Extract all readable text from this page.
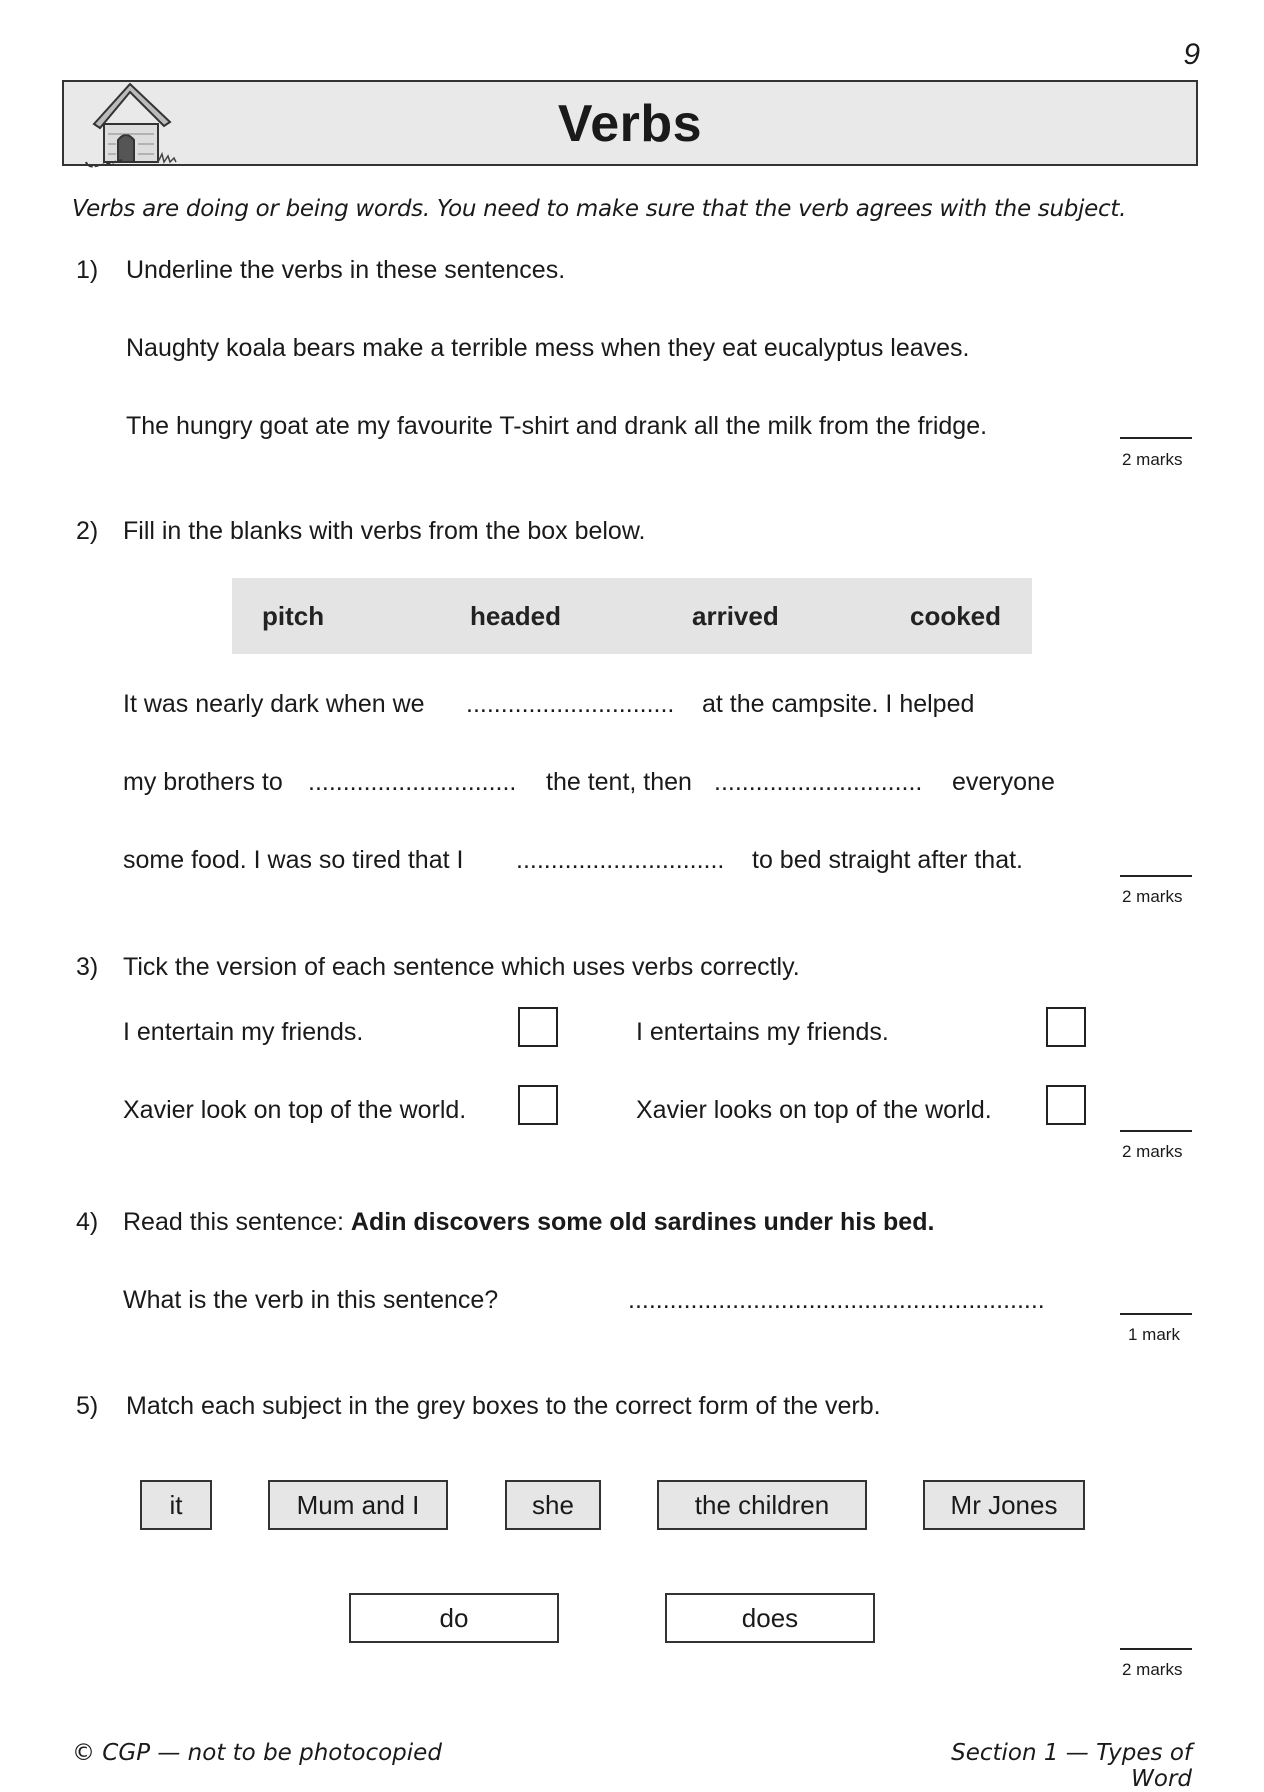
9
Verbs
Verbs are doing or being words. You need to make sure that the verb agrees with the subject.
1) Underline the verbs in these sentences.
Naughty koala bears make a terrible mess when they eat eucalyptus leaves.
The hungry goat ate my favourite T-shirt and drank all the milk from the fridge.
2 marks
2) Fill in the blanks with verbs from the box below.
pitch	headed	arrived	cooked
It was nearly dark when we .............................. at the campsite. I helped
my brothers to .............................. the tent, then .............................. everyone
some food. I was so tired that I .............................. to bed straight after that.
2 marks
3) Tick the version of each sentence which uses verbs correctly.
I entertain my friends.	I entertains my friends.
Xavier look on top of the world.	Xavier looks on top of the world.
2 marks
4) Read this sentence: Adin discovers some old sardines under his bed.
What is the verb in this sentence?	............................................................
1 mark
5) Match each subject in the grey boxes to the correct form of the verb.
it	Mum and I	she	the children	Mr Jones
do	does
2 marks
© CGP — not to be photocopied	Section 1 — Types of Word
